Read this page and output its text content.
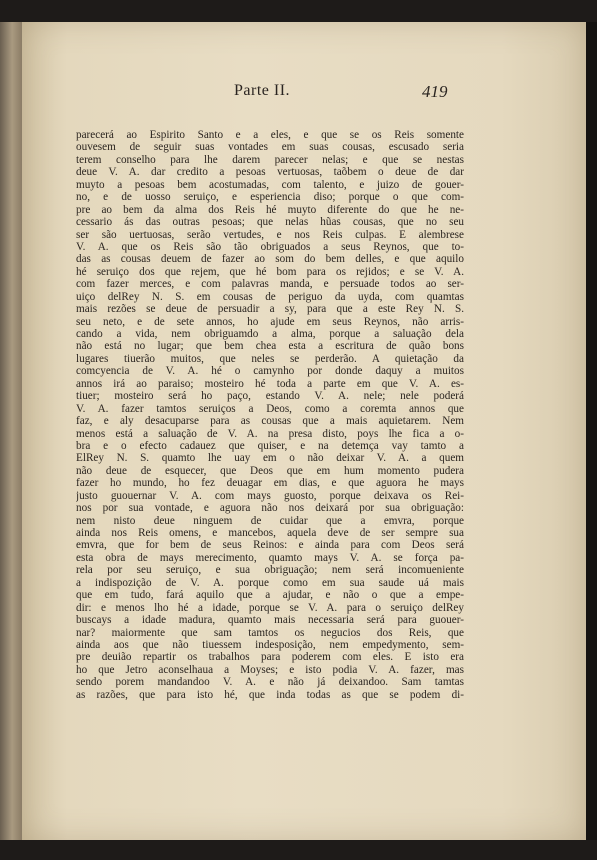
Parte II.	419
parecerá ao Espirito Santo e a eles, e que se os Reis somente
ouvesem de seguir suas vontades em suas cousas, escusado seria
terem conselho para lhe darem parecer nelas; e que se nestas
deue V. A. dar credito a pesoas vertuosas, taõbem o deue de dar
muyto a pesoas bem acostumadas, com talento, e juizo de gouer-
no, e de uosso seruiço, e esperiencia diso; porque o que com-
pre ao bem da alma dos Reis hé muyto diferente do que he ne-
cessario ás das outras pesoas; que nelas hũas cousas, que no seu
ser são uertuosas, serão vertudes, e nos Reis culpas. E alembrese
V. A. que os Reis são tão obriguados a seus Reynos, que to-
das as cousas deuem de fazer ao som do bem delles, e que aquilo
hé seruiço dos que rejem, que hé bom para os rejidos; e se V. A.
com fazer merces, e com palavras manda, e persuade todos ao ser-
uiço delRey N. S. em cousas de periguo da uyda, com quamtas
mais rezões se deue de persuadir a sy, para que a este Rey N. S.
seu neto, e de sete annos, ho ajude em seus Reynos, não arris-
cando a vida, nem obriguamdo a alma, porque a saluação dela
não está no lugar; que bem chea esta a escritura de quão bons
lugares tiuerão muitos, que neles se perderão. A quietação da
comcyencia de V. A. hé o camynho por donde daquy a muitos
annos irá ao paraiso; mosteiro hé toda a parte em que V. A. es-
tiuer; mosteiro será ho paço, estando V. A. nele; nele poderá
V. A. fazer tamtos seruiços a Deos, como a coremta annos que
faz, e aly desacuparse para as cousas que a mais aquietarem. Nem
menos está a saluação de V. A. na presa disto, poys lhe fica a o-
bra e o efecto cadauez que quiser, e na detemça vay tamto a
ElRey N. S. quamto lhe uay em o não deixar V. A. a quem
não deue de esquecer, que Deos que em hum momento pudera
fazer ho mundo, ho fez deuagar em dias, e que aguora he mays
justo guouernar V. A. com mays guosto, porque deixava os Rei-
nos por sua vontade, e aguora não nos deixará por sua obriguação:
nem nisto deue ninguem de cuidar que a emvra, porque
ainda nos Reis omens, e mancebos, aquela deve de ser sempre sua
emvra, que for bem de seus Reinos: e ainda para com Deos será
esta obra de mays merecimento, quamto mays V. A. se força pa-
rela por seu seruiço, e sua obriguação; nem será incomueniente
a indispozição de V. A. porque como em sua saude uá mais
que em tudo, fará aquilo que a ajudar, e não o que a empe-
dir: e menos lho hé a idade, porque se V. A. para o seruiço delRey
buscays a idade madura, quamto mais necessaria será para guouer-
nar? maiormente que sam tamtos os negucios dos Reis, que
ainda aos que não tiuessem indesposição, nem empedymento, sem-
pre deuião repartir os trabalhos para poderem com eles. E isto era
ho que Jetro aconselhaua a Moyses; e isto podia V. A. fazer, mas
sendo porem mandandoo V. A. e não já deixandoo. Sam tamtas
as razões, que para isto hé, que inda todas as que se podem di-
